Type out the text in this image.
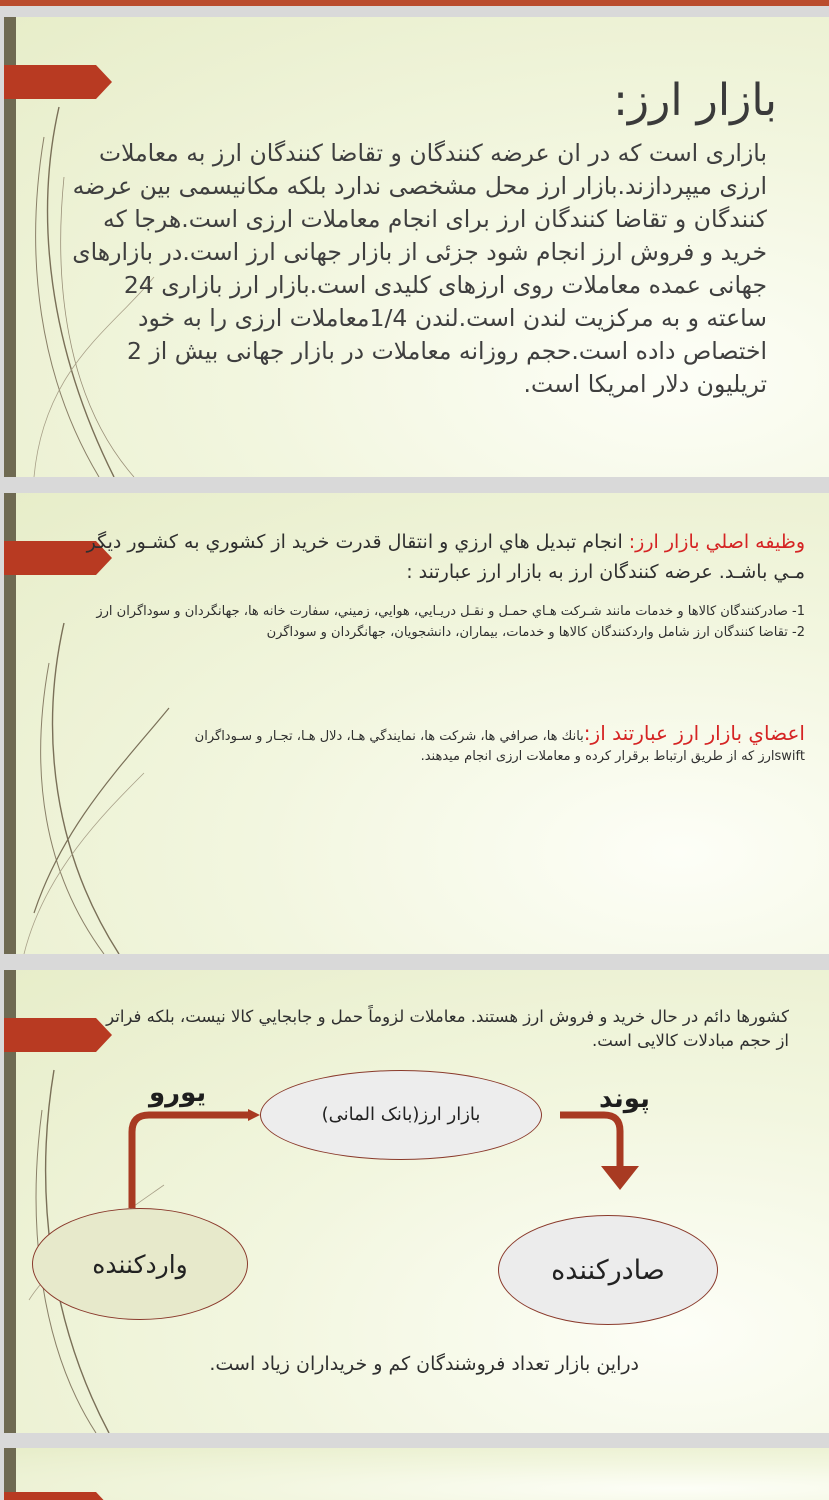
بازار ارز:
بازاری است که در ان عرضه کنندگان و تقاضا کنندگان ارز به معاملات ارزی میپردازند.بازار ارز محل مشخصی ندارد بلکه مکانیسمی بین عرضه کنندگان و تقاضا کنندگان ارز برای انجام معاملات ارزی است.هرجا که خرید و فروش ارز انجام شود جزئی از بازار جهانی ارز است.در بازارهای جهانی عمده معاملات روی ارزهای کلیدی است.بازار ارز بازاری 24 ساعته و به مرکزیت لندن است.لندن 1/4معاملات ارزی را به خود اختصاص داده است.حجم روزانه معاملات در بازار جهانی بیش از 2 تریلیون دلار امریکا است.
وظيفه اصلي بازار ارز: انجام تبديل هاي ارزي و انتقال قدرت خريد از كشوري به كشـور ديگر مـي باشـد. عرضه کنندگان ارز به بازار ارز عبارتند :
1- صادركنندگان كالاها و خدمات مانند شـركت هـاي حمـل و نقـل دريـايي، هوايي، زميني، سفارت خانه ها، جهانگردان و سوداگران ارز
2- تقاضا کنندگان ارز شامل واردكنندگان كالاها و خدمات، بيماران، دانشجويان، جهانگردان و سوداگرن
اعضاي بازار ارز عبارتند از:بانك ها، صرافي ها، شركت ها، نمايندگي هـا، دلال هـا، تجـار و سـوداگران
swiftارز که از طریق ارتباط برقرار کرده و معاملات ارزی انجام میدهند.
کشورها دائم در حال خرید و فروش ارز هستند. معاملات لزوماً حمل و جابجايي كالا نيست، بلكه فراتر از حجم مبادلات كالايی است.
بازار ارز(بانک المانی)
یورو	پوند
واردکننده	صادرکننده
دراین بازار تعداد فروشندگان کم و خریداران زیاد است.
